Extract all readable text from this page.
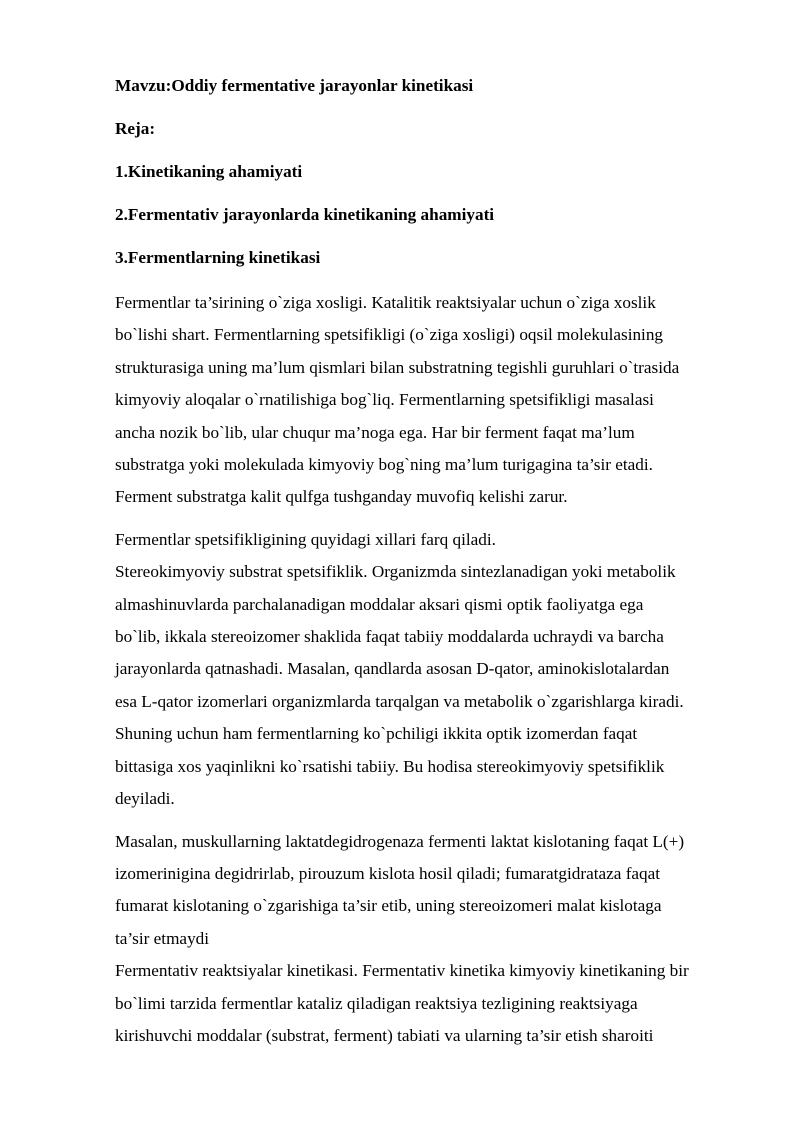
Mavzu:Oddiy fermentative jarayonlar kinetikasi
Reja:
1.Kinetikaning ahamiyati
2.Fermentativ jarayonlarda kinetikaning ahamiyati
3.Fermentlarning kinetikasi
Fermentlar ta’sirining o`ziga xosligi. Katalitik reaktsiyalar uchun o`ziga xoslik
bo`lishi shart. Fermentlarning spetsifikligi (o`ziga xosligi) oqsil molekulasining
strukturasiga uning ma’lum qismlari bilan substratning tegishli guruhlari o`trasida
kimyoviy aloqalar o`rnatilishiga bog`liq. Fermentlarning spetsifikligi masalasi
ancha nozik bo`lib, ular chuqur ma’noga ega. Har bir ferment faqat ma’lum
substratga yoki molekulada kimyoviy bog`ning ma’lum turigagina ta’sir etadi.
Ferment substratga kalit qulfga tushganday muvofiq kelishi zarur.
Fermentlar spetsifikligining quyidagi xillari farq qiladi.
Stereokimyoviy substrat spetsifiklik. Organizmda sintezlanadigan yoki metabolik
almashinuvlarda parchalanadigan moddalar aksari qismi optik faoliyatga ega
bo`lib, ikkala stereoizomer shaklida faqat tabiiy moddalarda uchraydi va barcha
jarayonlarda qatnashadi. Masalan, qandlarda asosan D-qator, aminokislotalardan
esa L-qator izomerlari organizmlarda tarqalgan va metabolik o`zgarishlarga kiradi.
Shuning uchun ham fermentlarning ko`pchiligi ikkita optik izomerdan faqat
bittasiga xos yaqinlikni ko`rsatishi tabiiy. Bu hodisa stereokimyoviy spetsifiklik
deyiladi.
Masalan, muskullarning laktatdegidrogenaza fermenti laktat kislotaning faqat L(+)
izomerinigina degidrirlab, pirouzum kislota hosil qiladi; fumaratgidrataza faqat
fumarat kislotaning o`zgarishiga ta’sir etib, uning stereoizomeri malat kislotaga
ta’sir etmaydi
Fermentativ reaktsiyalar kinetikasi. Fermentativ kinetika kimyoviy kinetikaning bir
bo`limi tarzida fermentlar kataliz qiladigan reaktsiya tezligining reaktsiyaga
kirishuvchi moddalar (substrat, ferment) tabiati va ularning ta’sir etish sharoiti
